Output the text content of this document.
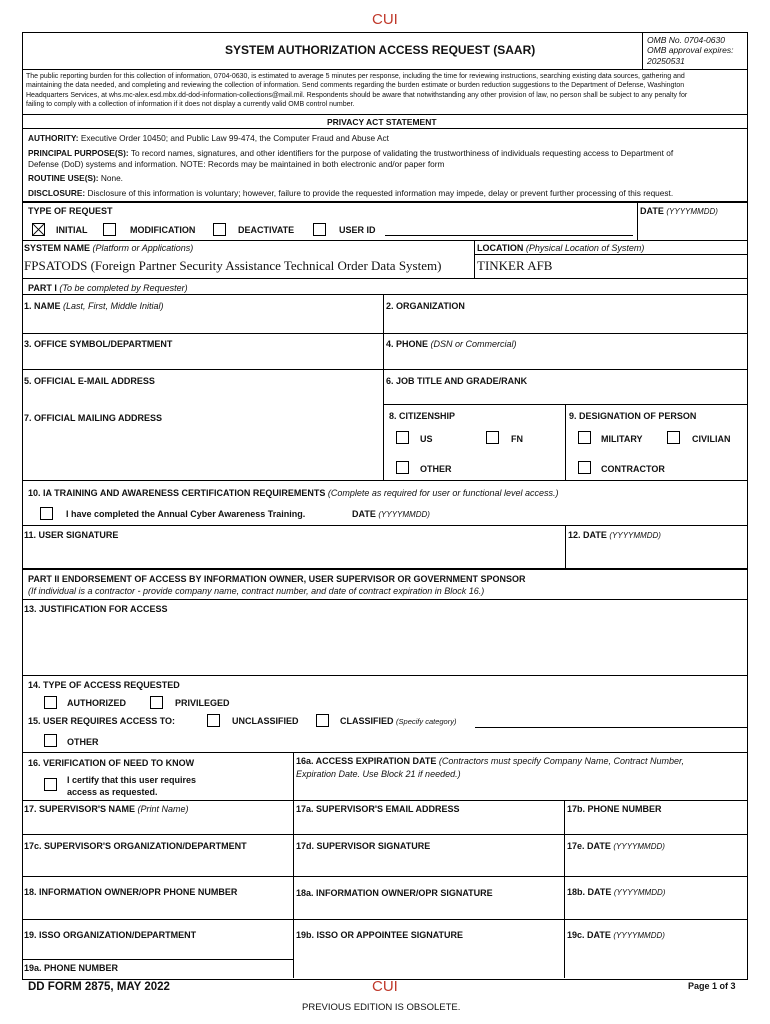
CUI
SYSTEM AUTHORIZATION ACCESS REQUEST (SAAR)
OMB No. 0704-0630
OMB approval expires:
20250531
The public reporting burden for this collection of information, 0704-0630, is estimated to average 5 minutes per response, including the time for reviewing instructions, searching existing data sources, gathering and
maintaining the data needed, and completing and reviewing the collection of information. Send comments regarding the burden estimate or burden reduction suggestions to the Department of Defense, Washington
Headquarters Services, at whs.mc-alex.esd.mbx.dd-dod-information-collections@mail.mil. Respondents should be aware that notwithstanding any other provision of law, no person shall be subject to any penalty for
failing to comply with a collection of information if it does not display a currently valid OMB control number.
PRIVACY ACT STATEMENT
AUTHORITY: Executive Order 10450; and Public Law 99-474, the Computer Fraud and Abuse Act
PRINCIPAL PURPOSE(S): To record names, signatures, and other identifiers for the purpose of validating the trustworthiness of individuals requesting access to Department of
Defense (DoD) systems and information. NOTE: Records may be maintained in both electronic and/or paper form
ROUTINE USE(S): None.
DISCLOSURE: Disclosure of this information is voluntary; however, failure to provide the requested information may impede, delay or prevent further processing of this request.
TYPE OF REQUEST	DATE (YYYYMMDD)
INITIAL	MODIFICATION	DEACTIVATE	USER ID
SYSTEM NAME (Platform or Applications)	LOCATION (Physical Location of System)
FPSATODS (Foreign Partner Security Assistance Technical Order Data System)	TINKER AFB
PART I (To be completed by Requester)
1. NAME (Last, First, Middle Initial)	2. ORGANIZATION
3. OFFICE SYMBOL/DEPARTMENT	4. PHONE (DSN or Commercial)
5. OFFICIAL E-MAIL ADDRESS	6. JOB TITLE AND GRADE/RANK
7. OFFICIAL MAILING ADDRESS	8. CITIZENSHIP	9. DESIGNATION OF PERSON
US	FN	MILITARY	CIVILIAN
OTHER	CONTRACTOR
10. IA TRAINING AND AWARENESS CERTIFICATION REQUIREMENTS (Complete as required for user or functional level access.)
I have completed the Annual Cyber Awareness Training.	DATE (YYYYMMDD)
11. USER SIGNATURE	12. DATE (YYYYMMDD)
PART II ENDORSEMENT OF ACCESS BY INFORMATION OWNER, USER SUPERVISOR OR GOVERNMENT SPONSOR
(If individual is a contractor - provide company name, contract number, and date of contract expiration in Block 16.)
13. JUSTIFICATION FOR ACCESS
14. TYPE OF ACCESS REQUESTED
AUTHORIZED	PRIVILEGED
15. USER REQUIRES ACCESS TO:	UNCLASSIFIED	CLASSIFIED (Specify category)
OTHER
16. VERIFICATION OF NEED TO KNOW
I certify that this user requires
access as requested.
16a. ACCESS EXPIRATION DATE (Contractors must specify Company Name, Contract Number,
Expiration Date. Use Block 21 if needed.)
17. SUPERVISOR'S NAME (Print Name)	17a. SUPERVISOR'S EMAIL ADDRESS	17b. PHONE NUMBER
17c. SUPERVISOR'S ORGANIZATION/DEPARTMENT	17d. SUPERVISOR SIGNATURE	17e. DATE (YYYYMMDD)
18. INFORMATION OWNER/OPR PHONE NUMBER	18a. INFORMATION OWNER/OPR SIGNATURE	18b. DATE (YYYYMMDD)
19. ISSO ORGANIZATION/DEPARTMENT	19b. ISSO OR APPOINTEE SIGNATURE	19c. DATE (YYYYMMDD)
19a. PHONE NUMBER
DD FORM 2875, MAY 2022	CUI	Page 1 of 3
PREVIOUS EDITION IS OBSOLETE.
